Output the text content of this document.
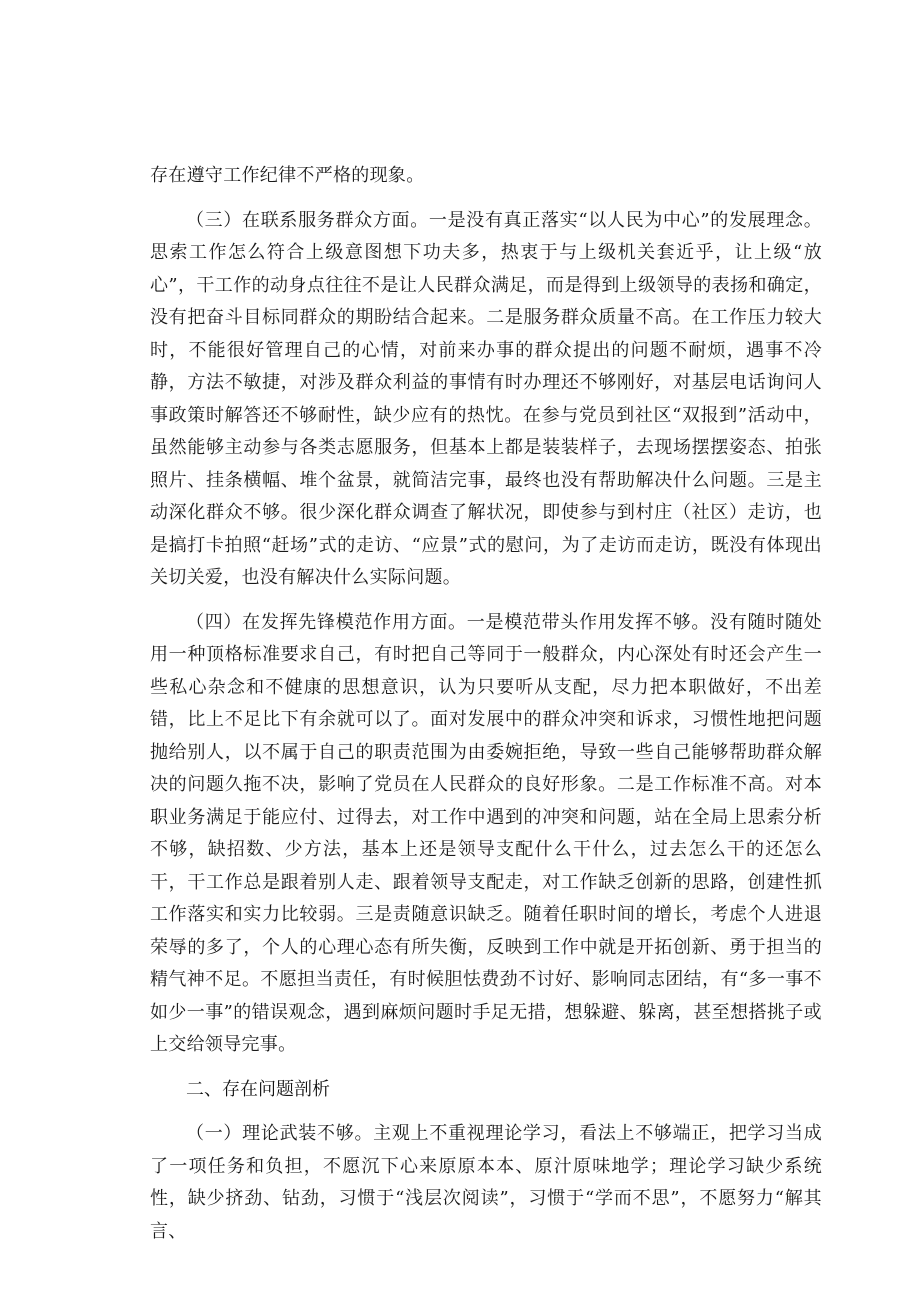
存在遵守工作纪律不严格的现象。

（三）在联系服务群众方面。一是没有真正落实“以人民为中心”的发展理念。思索工作怎么符合上级意图想下功夫多，热衷于与上级机关套近乎，让上级“放心”，干工作的动身点往往不是让人民群众满足，而是得到上级领导的表扬和确定，没有把奋斗目标同群众的期盼结合起来。二是服务群众质量不高。在工作压力较大时，不能很好管理自己的心情，对前来办事的群众提出的问题不耐烦，遇事不冷静，方法不敏捷，对涉及群众利益的事情有时办理还不够刚好，对基层电话询问人事政策时解答还不够耐性，缺少应有的热忱。在参与党员到社区“双报到”活动中，虽然能够主动参与各类志愿服务，但基本上都是装装样子，去现场摆摆姿态、拍张照片、挂条横幅、堆个盆景，就简洁完事，最终也没有帮助解决什么问题。三是主动深化群众不够。很少深化群众调查了解状况，即使参与到村庄（社区）走访，也是搞打卡拍照“赶场”式的走访、“应景”式的慰问，为了走访而走访，既没有体现出关切关爱，也没有解决什么实际问题。

（四）在发挥先锋模范作用方面。一是模范带头作用发挥不够。没有随时随处用一种顶格标准要求自己，有时把自己等同于一般群众，内心深处有时还会产生一些私心杂念和不健康的思想意识，认为只要听从支配，尽力把本职做好，不出差错，比上不足比下有余就可以了。面对发展中的群众冲突和诉求，习惯性地把问题抛给别人，以不属于自己的职责范围为由委婉拒绝，导致一些自己能够帮助群众解决的问题久拖不决，影响了党员在人民群众的良好形象。二是工作标准不高。对本职业务满足于能应付、过得去，对工作中遇到的冲突和问题，站在全局上思索分析不够，缺招数、少方法，基本上还是领导支配什么干什么，过去怎么干的还怎么干，干工作总是跟着别人走、跟着领导支配走，对工作缺乏创新的思路，创建性抓工作落实和实力比较弱。三是责随意识缺乏。随着任职时间的增长，考虑个人进退荣辱的多了，个人的心理心态有所失衡，反映到工作中就是开拓创新、勇于担当的精气神不足。不愿担当责任，有时候胆怯费劲不讨好、影响同志团结，有“多一事不如少一事”的错误观念，遇到麻烦问题时手足无措，想躲避、躲离，甚至想搭挑子或上交给领导完事。

二、存在问题剖析

（一）理论武装不够。主观上不重视理论学习，看法上不够端正，把学习当成了一项任务和负担，不愿沉下心来原原本本、原汁原味地学；理论学习缺少系统性，缺少挤劲、钻劲，习惯于“浅层次阅读”，习惯于“学而不思”，不愿努力“解其言、
